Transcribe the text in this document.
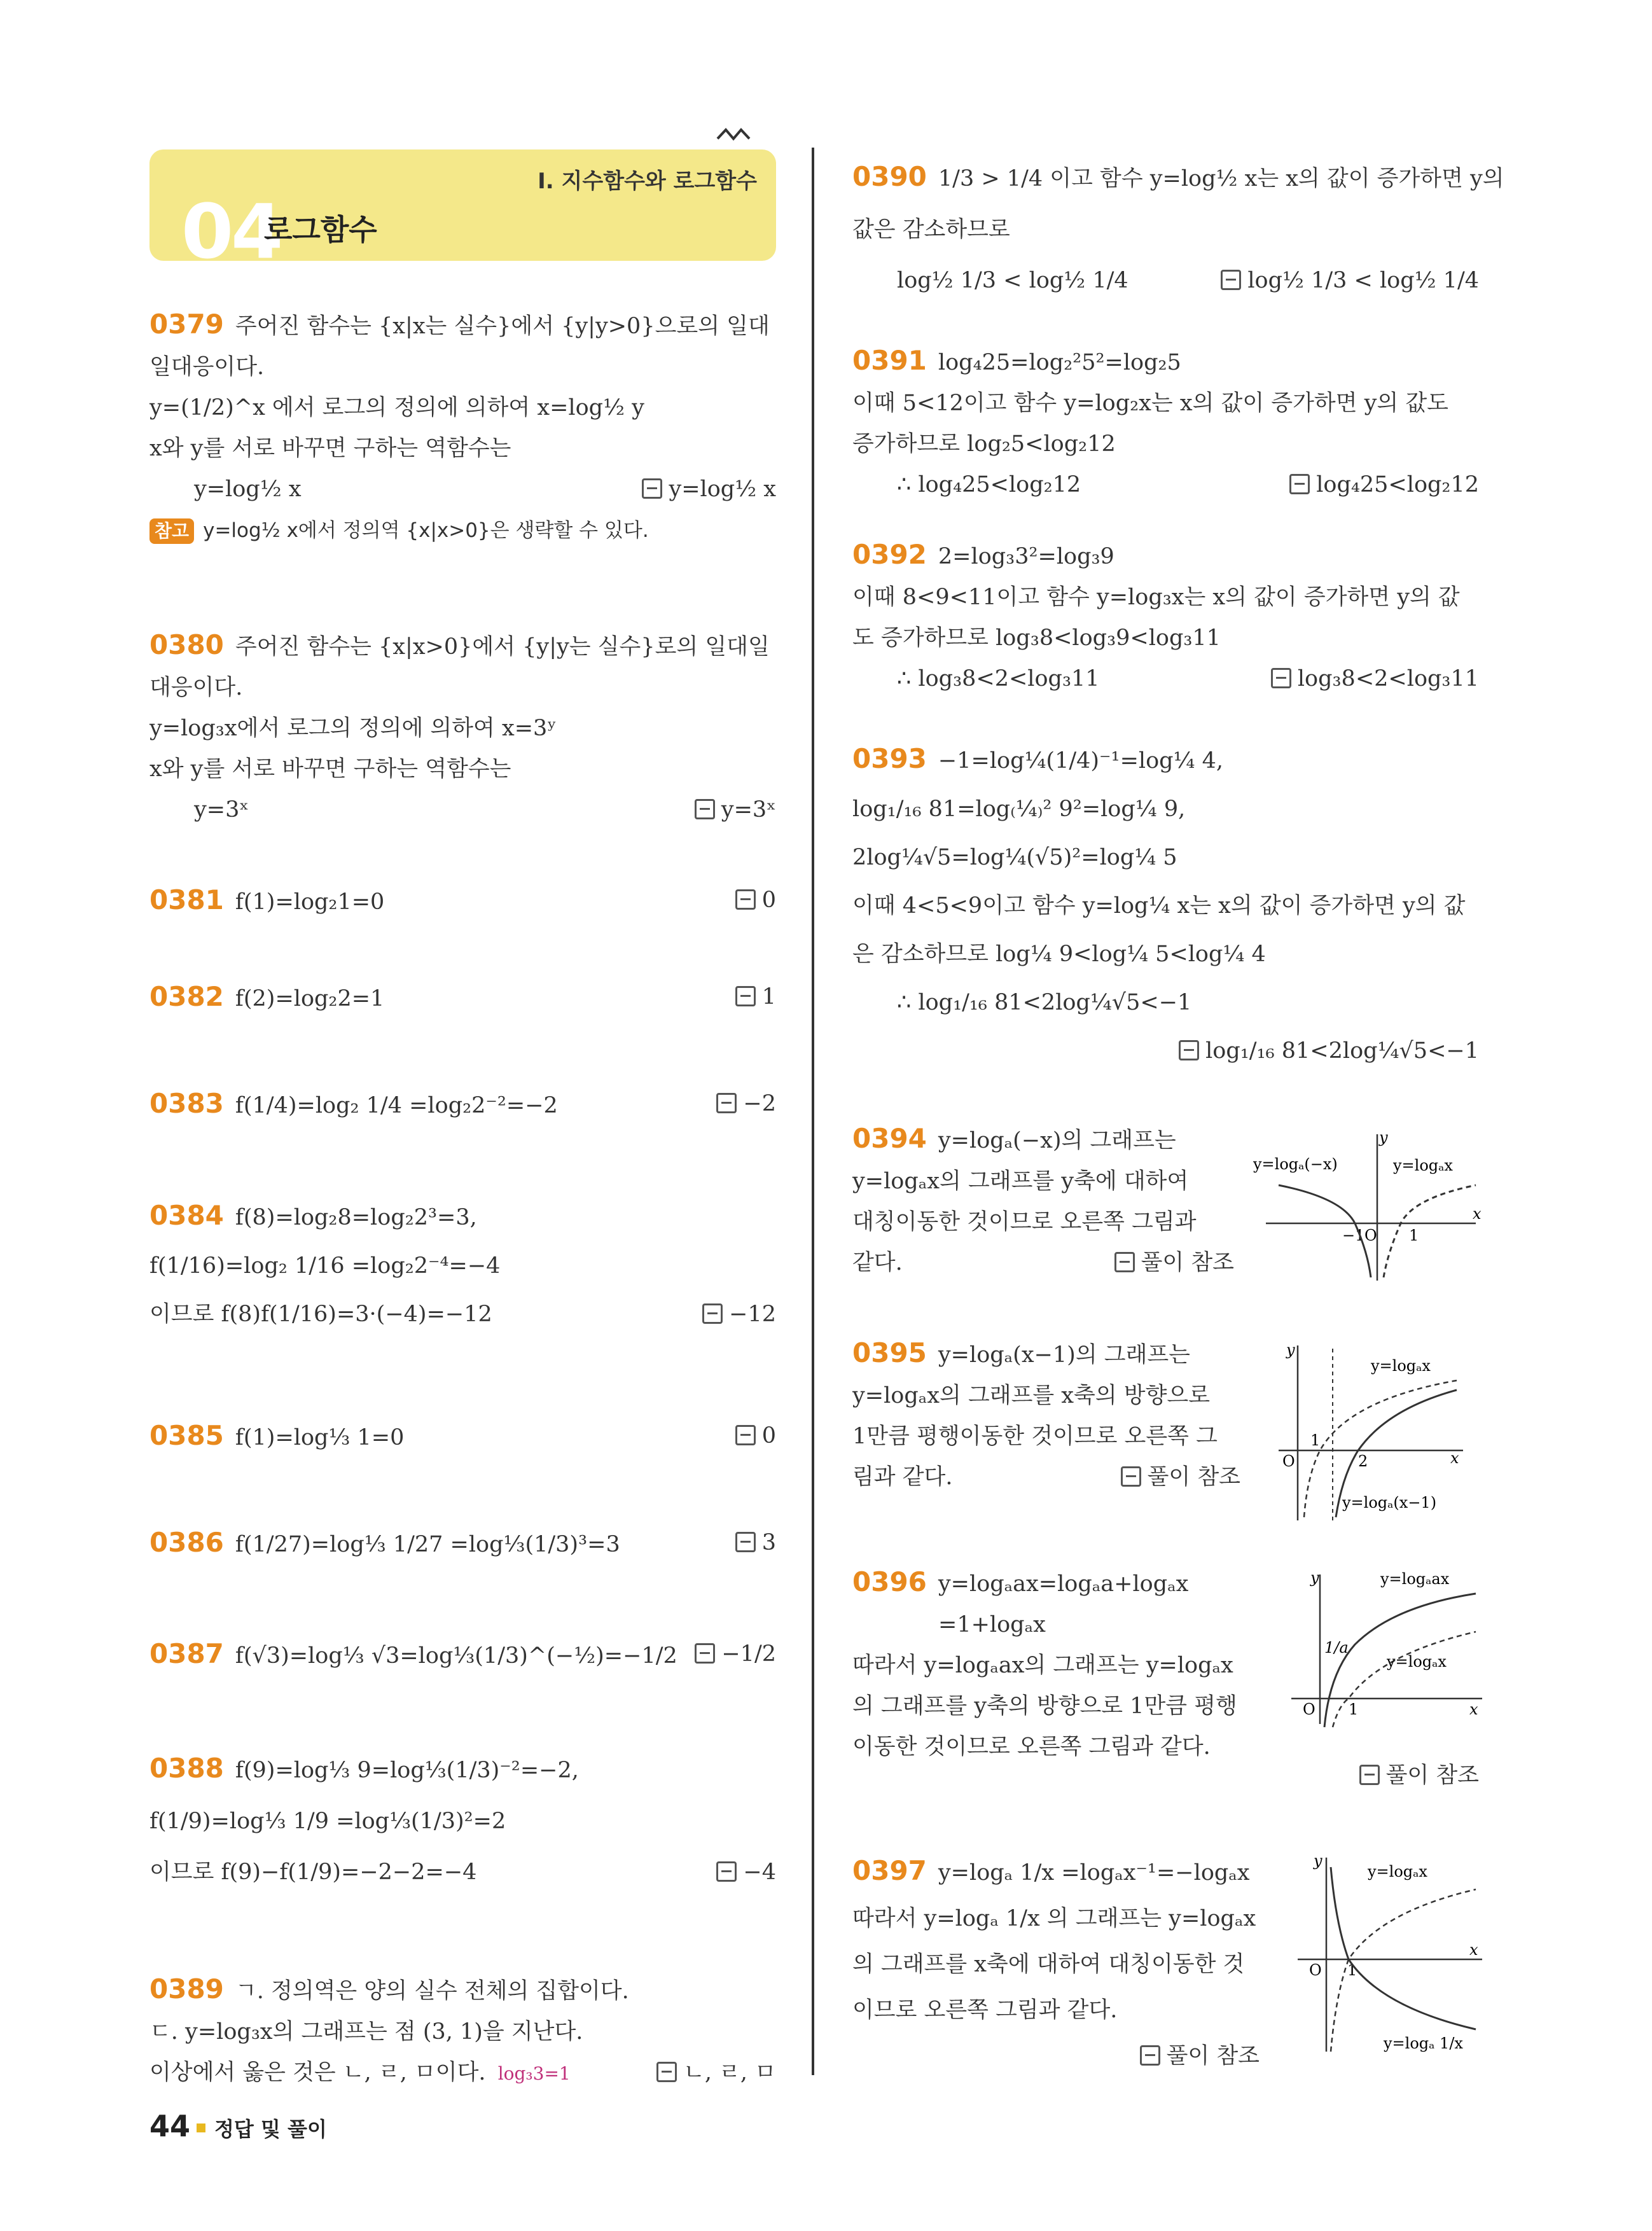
Ⅰ. 지수함수와 로그함수
04
로그함수
0379 주어진 함수는 {x|x는 실수}에서 {y|y>0}으로의 일대
일대응이다.
y=(1/2)^x 에서 로그의 정의에 의하여 x=log½ y
x와 y를 서로 바꾸면 구하는 역함수는
y=log½ x	y=log½ x
참고 y=log½ x에서 정의역 {x|x>0}은 생략할 수 있다.
0380 주어진 함수는 {x|x>0}에서 {y|y는 실수}로의 일대일
대응이다.
y=log₃x에서 로그의 정의에 의하여 x=3ʸ
x와 y를 서로 바꾸면 구하는 역함수는
y=3ˣ	y=3ˣ
0381 f(1)=log₂1=0	0
0382 f(2)=log₂2=1	1
0383 f(1/4)=log₂ 1/4 =log₂2⁻²=−2	−2
0384 f(8)=log₂8=log₂2³=3,
f(1/16)=log₂ 1/16 =log₂2⁻⁴=−4
이므로 f(8)f(1/16)=3·(−4)=−12	−12
0385 f(1)=log⅓ 1=0	0
0386 f(1/27)=log⅓ 1/27 =log⅓(1/3)³=3	3
0387 f(√3)=log⅓ √3=log⅓(1/3)^(−½)=−1/2	−1/2
0388 f(9)=log⅓ 9=log⅓(1/3)⁻²=−2,
f(1/9)=log⅓ 1/9 =log⅓(1/3)²=2
이므로 f(9)−f(1/9)=−2−2=−4	−4
0389 ㄱ. 정의역은 양의 실수 전체의 집합이다.
ㄷ. y=log₃x의 그래프는 점 (3, 1)을 지난다.
이상에서 옳은 것은 ㄴ, ㄹ, ㅁ이다. log₃3=1	ㄴ, ㄹ, ㅁ
0390 1/3 > 1/4 이고 함수 y=log½ x는 x의 값이 증가하면 y의
값은 감소하므로
log½ 1/3 < log½ 1/4	log½ 1/3 < log½ 1/4
0391 log₄25=log₂²5²=log₂5
이때 5<12이고 함수 y=log₂x는 x의 값이 증가하면 y의 값도
증가하므로 log₂5<log₂12
∴ log₄25<log₂12	log₄25<log₂12
0392 2=log₃3²=log₃9
이때 8<9<11이고 함수 y=log₃x는 x의 값이 증가하면 y의 값
도 증가하므로 log₃8<log₃9<log₃11
∴ log₃8<2<log₃11	log₃8<2<log₃11
0393 −1=log¼(1/4)⁻¹=log¼ 4,
log₁/₁₆ 81=log₍¼₎² 9²=log¼ 9,
2log¼√5=log¼(√5)²=log¼ 5
이때 4<5<9이고 함수 y=log¼ x는 x의 값이 증가하면 y의 값
은 감소하므로 log¼ 9<log¼ 5<log¼ 4
∴ log₁/₁₆ 81<2log¼√5<−1
log₁/₁₆ 81<2log¼√5<−1
0394 y=logₐ(−x)의 그래프는
y=logₐx의 그래프를 y축에 대하여
대칭이동한 것이므로 오른쪽 그림과
같다.	풀이 참조
y
x
O
−1	1
y=logₐ(−x)	y=logₐx
0395 y=logₐ(x−1)의 그래프는
y=logₐx의 그래프를 x축의 방향으로
1만큼 평행이동한 것이므로 오른쪽 그
림과 같다.	풀이 참조
y
x
O
1
2
y=logₐx
y=logₐ(x−1)
0396 y=logₐax=logₐa+logₐx
=1+logₐx
따라서 y=logₐax의 그래프는 y=logₐx
의 그래프를 y축의 방향으로 1만큼 평행
이동한 것이므로 오른쪽 그림과 같다.
y
x
O 1
1/a
y=logₐax
y=logₐx
풀이 참조
0397 y=logₐ 1/x =logₐx⁻¹=−logₐx
따라서 y=logₐ 1/x 의 그래프는 y=logₐx
의 그래프를 x축에 대하여 대칭이동한 것
이므로 오른쪽 그림과 같다.
풀이 참조
y
x
O 1
y=logₐx
y=logₐ 1/x
44 정답 및 풀이
